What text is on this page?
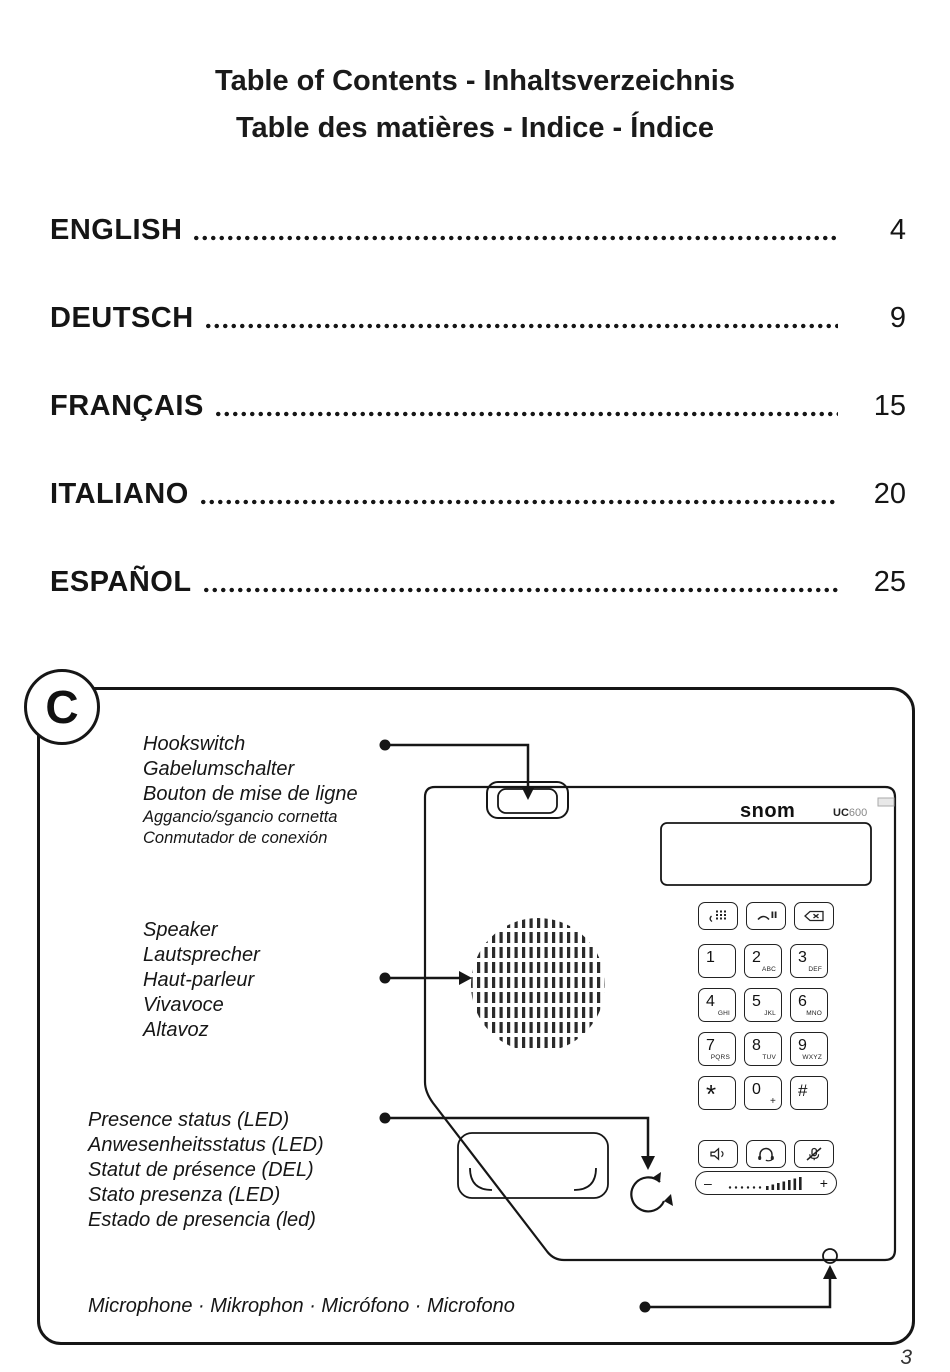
Table of Contents - Inhaltsverzeichnis
Table des matières - Indice - Índice
ENGLISH	4
DEUTSCH	9
FRANÇAIS	15
ITALIANO	20
ESPAÑOL	25
C
Hookswitch
Gabelumschalter
Bouton de mise de ligne
Aggancio/sgancio cornetta
Conmutador de conexión
Speaker
Lautsprecher
Haut-parleur
Vivavoce
Altavoz
Presence status (LED)
Anwesenheitsstatus (LED)
Statut de présence (DEL)
Stato presenza (LED)
Estado de presencia (led)
Microphone · Mikrophon · Micrófono · Microfono
snom	UC600
1 2
ABC
3
DEF
4
GHI
5
JKL
6
MNO
7
PQRS
8
TUV
9
WXYZ
* 0
+
#
–	+
3
